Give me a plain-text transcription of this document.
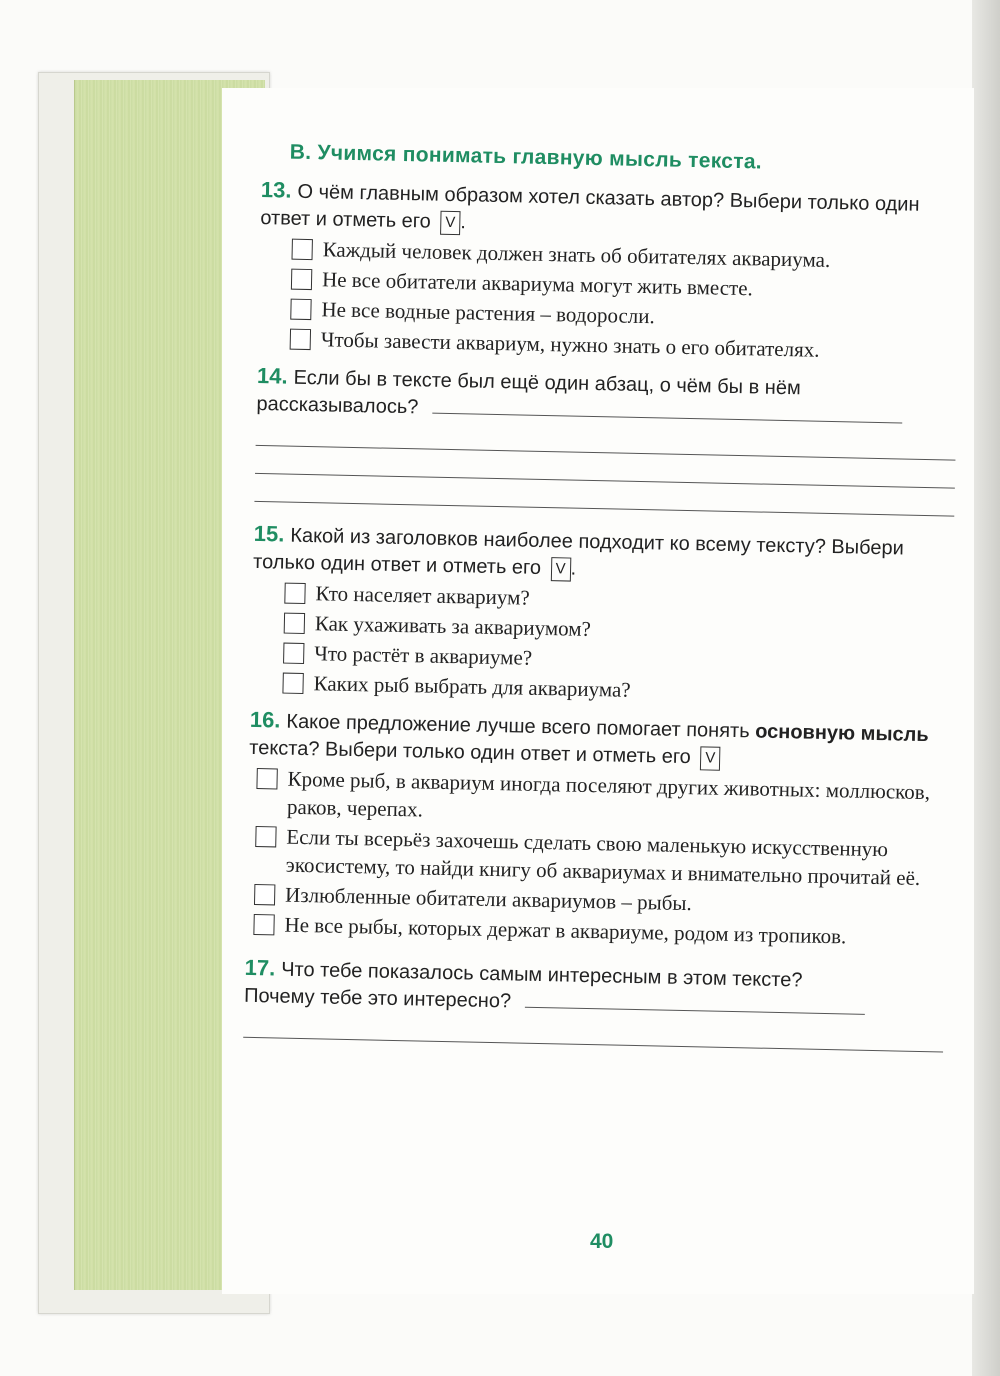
В. Учимся понимать главную мысль текста.
13. О чём главным образом хотел сказать автор? Выбери только один ответ и отметь его V .
Каждый человек должен знать об обитателях аквариума.
Не все обитатели аквариума могут жить вместе.
Не все водные растения – водоросли.
Чтобы завести аквариум, нужно знать о его обитателях.
14. Если бы в тексте был ещё один абзац, о чём бы в нём рассказывалось?
15. Какой из заголовков наиболее подходит ко всему тексту? Выбери только один ответ и отметь его V .
Кто населяет аквариум?
Как ухаживать за аквариумом?
Что растёт в аквариуме?
Каких рыб выбрать для аквариума?
16. Какое предложение лучше всего помогает понять основную мысль текста? Выбери только один ответ и отметь его V
Кроме рыб, в аквариум иногда поселяют других животных: моллюсков, раков, черепах.
Если ты всерьёз захочешь сделать свою маленькую искусственную экосистему, то найди книгу об аквариумах и внимательно прочитай её.
Излюбленные обитатели аквариумов – рыбы.
Не все рыбы, которых держат в аквариуме, родом из тропиков.
17. Что тебе показалось самым интересным в этом тексте?
Почему тебе это интересно?
40
